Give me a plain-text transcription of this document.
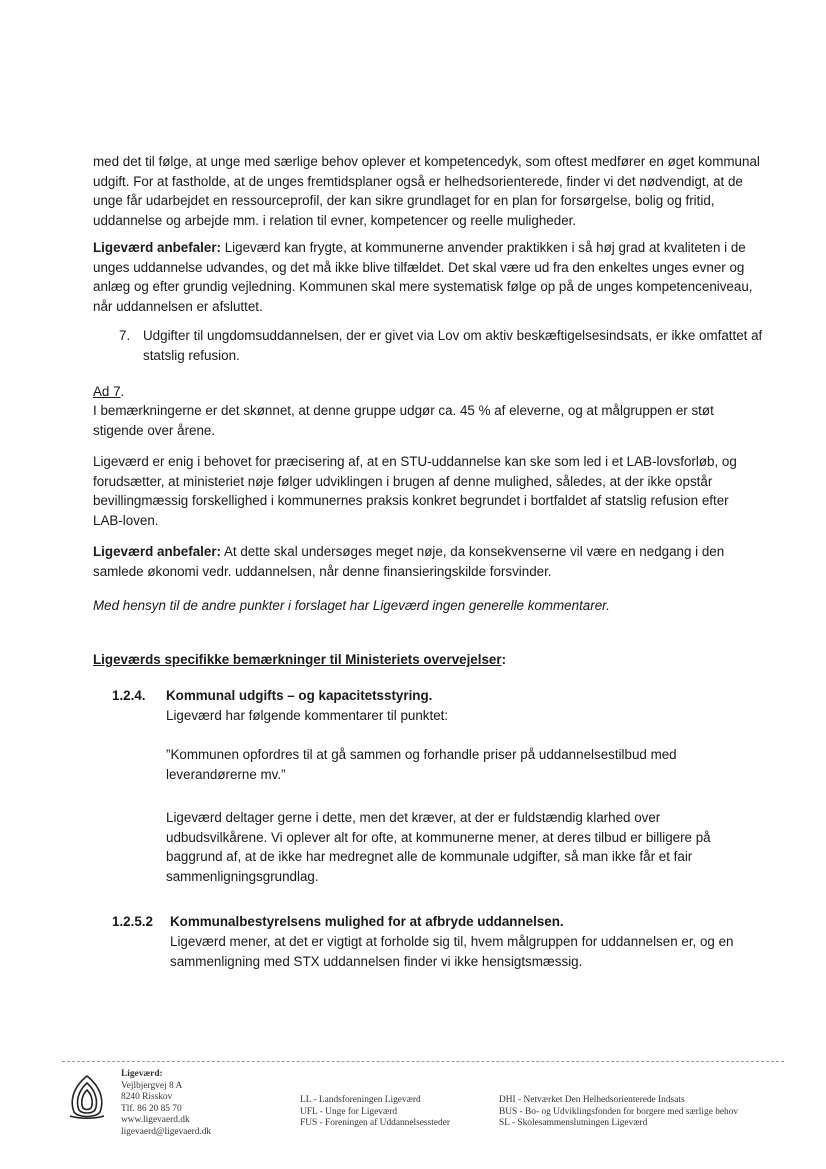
med det til følge, at unge med særlige behov oplever et kompetencedyk, som oftest medfører en øget kommunal udgift. For at fastholde, at de unges fremtidsplaner også er helhedsorienterede, finder vi det nødvendigt, at de unge får udarbejdet en ressourceprofil, der kan sikre grundlaget for en plan for forsørgelse, bolig og fritid, uddannelse og arbejde mm. i relation til evner, kompetencer og reelle muligheder.

Ligeværd anbefaler: Ligeværd kan frygte, at kommunerne anvender praktikken i så høj grad at kvaliteten i de unges uddannelse udvandes, og det må ikke blive tilfældet. Det skal være ud fra den enkeltes unges evner og anlæg og efter grundig vejledning. Kommunen skal mere systematisk følge op på de unges kompetenceniveau, når uddannelsen er afsluttet.

7. Udgifter til ungdomsuddannelsen, der er givet via Lov om aktiv beskæftigelsesindsats, er ikke omfattet af statslig refusion.

Ad 7.

I bemærkningerne er det skønnet, at denne gruppe udgør ca. 45 % af eleverne, og at målgruppen er støt stigende over årene.

Ligeværd er enig i behovet for præcisering af, at en STU-uddannelse kan ske som led i et LAB-lovsforløb, og forudsætter, at ministeriet nøje følger udviklingen i brugen af denne mulighed, således, at der ikke opstår bevillingmæssig forskellighed i kommunernes praksis konkret begrundet i bortfaldet af statslig refusion efter LAB-loven.

Ligeværd anbefaler: At dette skal undersøges meget nøje, da konsekvenserne vil være en nedgang i den samlede økonomi vedr. uddannelsen, når denne finansieringskilde forsvinder.

Med hensyn til de andre punkter i forslaget har Ligeværd ingen generelle kommentarer.

Ligeværds specifikke bemærkninger til Ministeriets overvejelser:

1.2.4. Kommunal udgifts – og kapacitetsstyring.

Ligeværd har følgende kommentarer til punktet:

”Kommunen opfordres til at gå sammen og forhandle priser på uddannelsestilbud med leverandørerne mv.”

Ligeværd deltager gerne i dette, men det kræver, at der er fuldstændig klarhed over udbudsvilkårene. Vi oplever alt for ofte, at kommunerne mener, at deres tilbud er billigere på baggrund af, at de ikke har medregnet alle de kommunale udgifter, så man ikke får et fair sammenligningsgrundlag.

1.2.5.2 Kommunalbestyrelsens mulighed for at afbryde uddannelsen.

Ligeværd mener, at det er vigtigt at forholde sig til, hvem målgruppen for uddannelsen er, og en sammenligning med STX uddannelsen finder vi ikke hensigtsmæssig.

Ligeværd:
Vejlbjergvej 8 A
8240 Risskov
Tlf. 86 20 85 70
www.ligevaerd.dk
ligevaerd@ligevaerd.dk
LL - Landsforeningen Ligeværd
UFL - Unge for Ligeværd
FUS - Foreningen af Uddannelsessteder
DHI - Netværket Den Helhedsorienterede Indsats
BUS - Bo- og Udviklingsfonden for borgere med særlige behov
SL - Skolesammenslutningen Ligeværd
